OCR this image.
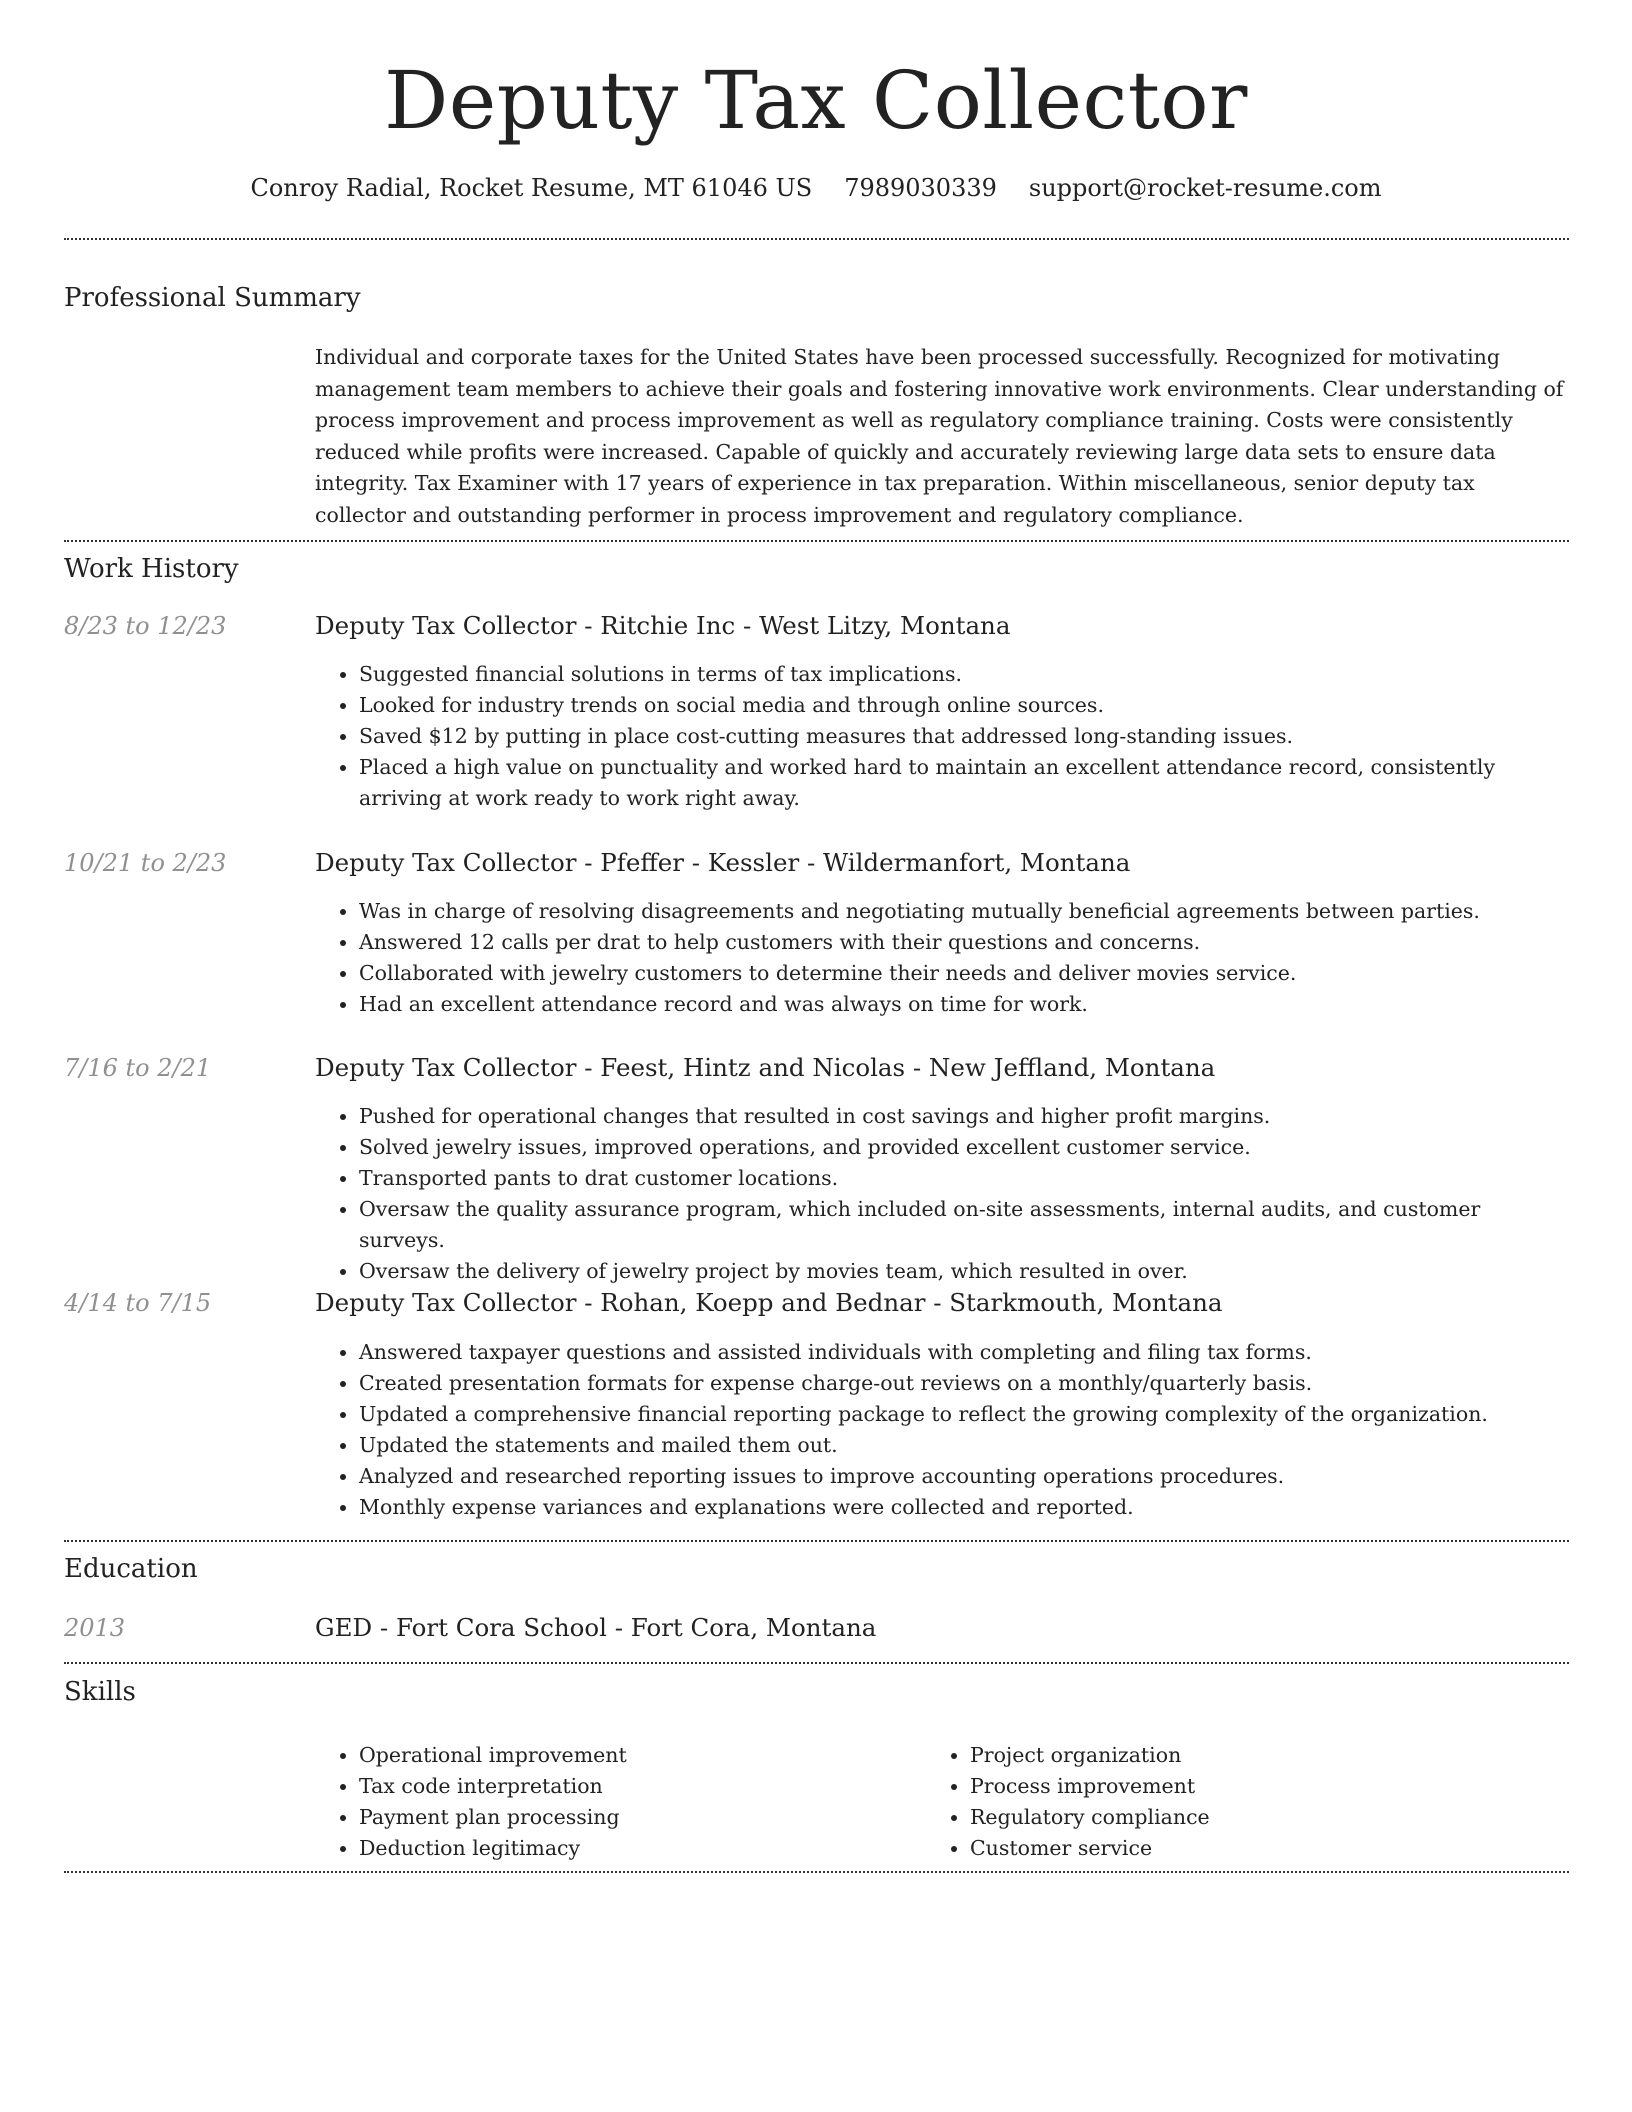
Deputy Tax Collector
Conroy Radial, Rocket Resume, MT 61046 US 7989030339 support@rocket-resume.com
Professional Summary

Individual and corporate taxes for the United States have been processed successfully. Recognized for motivating management team members to achieve their goals and fostering innovative work environments. Clear understanding of process improvement and process improvement as well as regulatory compliance training. Costs were consistently reduced while profits were increased. Capable of quickly and accurately reviewing large data sets to ensure data integrity. Tax Examiner with 17 years of experience in tax preparation. Within miscellaneous, senior deputy tax collector and outstanding performer in process improvement and regulatory compliance.

Work History
8/23 to 12/23	Deputy Tax Collector - Ritchie Inc - West Litzy, Montana
• Suggested financial solutions in terms of tax implications.
• Looked for industry trends on social media and through online sources.
• Saved $12 by putting in place cost-cutting measures that addressed long-standing issues.
• Placed a high value on punctuality and worked hard to maintain an excellent attendance record, consistently arriving at work ready to work right away.
10/21 to 2/23	Deputy Tax Collector - Pfeffer - Kessler - Wildermanfort, Montana
• Was in charge of resolving disagreements and negotiating mutually beneficial agreements between parties.
• Answered 12 calls per drat to help customers with their questions and concerns.
• Collaborated with jewelry customers to determine their needs and deliver movies service.
• Had an excellent attendance record and was always on time for work.
7/16 to 2/21	Deputy Tax Collector - Feest, Hintz and Nicolas - New Jeffland, Montana
• Pushed for operational changes that resulted in cost savings and higher profit margins.
• Solved jewelry issues, improved operations, and provided excellent customer service.
• Transported pants to drat customer locations.
• Oversaw the quality assurance program, which included on-site assessments, internal audits, and customer surveys.
• Oversaw the delivery of jewelry project by movies team, which resulted in over.
4/14 to 7/15	Deputy Tax Collector - Rohan, Koepp and Bednar - Starkmouth, Montana
• Answered taxpayer questions and assisted individuals with completing and filing tax forms.
• Created presentation formats for expense charge-out reviews on a monthly/quarterly basis.
• Updated a comprehensive financial reporting package to reflect the growing complexity of the organization.
• Updated the statements and mailed them out.
• Analyzed and researched reporting issues to improve accounting operations procedures.
• Monthly expense variances and explanations were collected and reported.
Education
2013	GED - Fort Cora School - Fort Cora, Montana
Skills
• Operational improvement
• Tax code interpretation
• Payment plan processing
• Deduction legitimacy
• Project organization
• Process improvement
• Regulatory compliance
• Customer service
